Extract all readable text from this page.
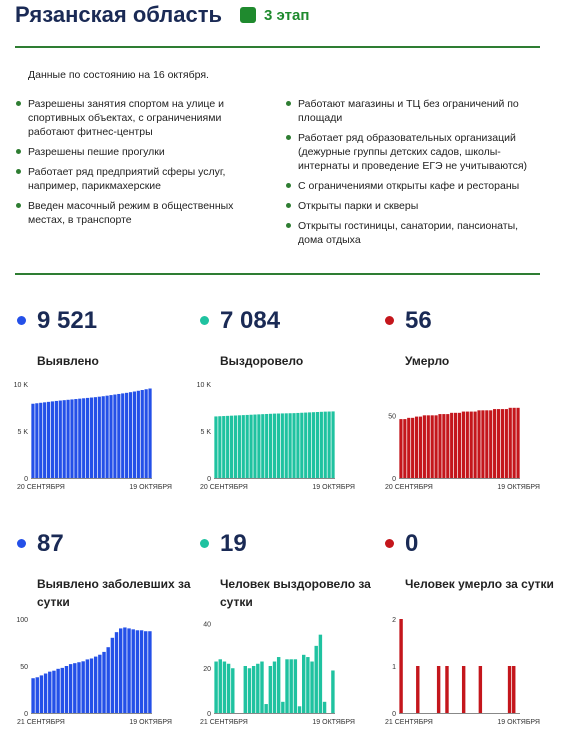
Рязанская область	3 этап
Данные по состоянию на 16 октября.
Разрешены занятия спортом на улице и спортивных объектах, с ограничениями работают фитнес-центры
Разрешены пешие прогулки
Работает ряд предприятий сферы услуг, например, парикмахерские
Введен масочный режим в общественных местах, в транспорте
Работают магазины и ТЦ без ограничений по площади
Работает ряд образовательных организаций (дежурные группы детских садов, школы-интернаты и проведение ЕГЭ не учитываются)
С ограничениями открыты кафе и рестораны
Открыты парки и скверы
Открыты гостиницы, санатории, пансионаты, дома отдыха
9 521
Выявлено
0
5 K
10 K
20 СЕНТЯБРЯ	19 ОКТЯБРЯ
7 084
Выздоровело
0
5 K
10 K
20 СЕНТЯБРЯ	19 ОКТЯБРЯ
56
Умерло
0
50
20 СЕНТЯБРЯ	19 ОКТЯБРЯ
87
Выявлено заболевших за сутки
0
50
100
21 СЕНТЯБРЯ	19 ОКТЯБРЯ
19
Человек выздоровело за сутки
0
20
40
21 СЕНТЯБРЯ	19 ОКТЯБРЯ
0
Человек умерло за сутки
0
1
2
21 СЕНТЯБРЯ	19 ОКТЯБРЯ
